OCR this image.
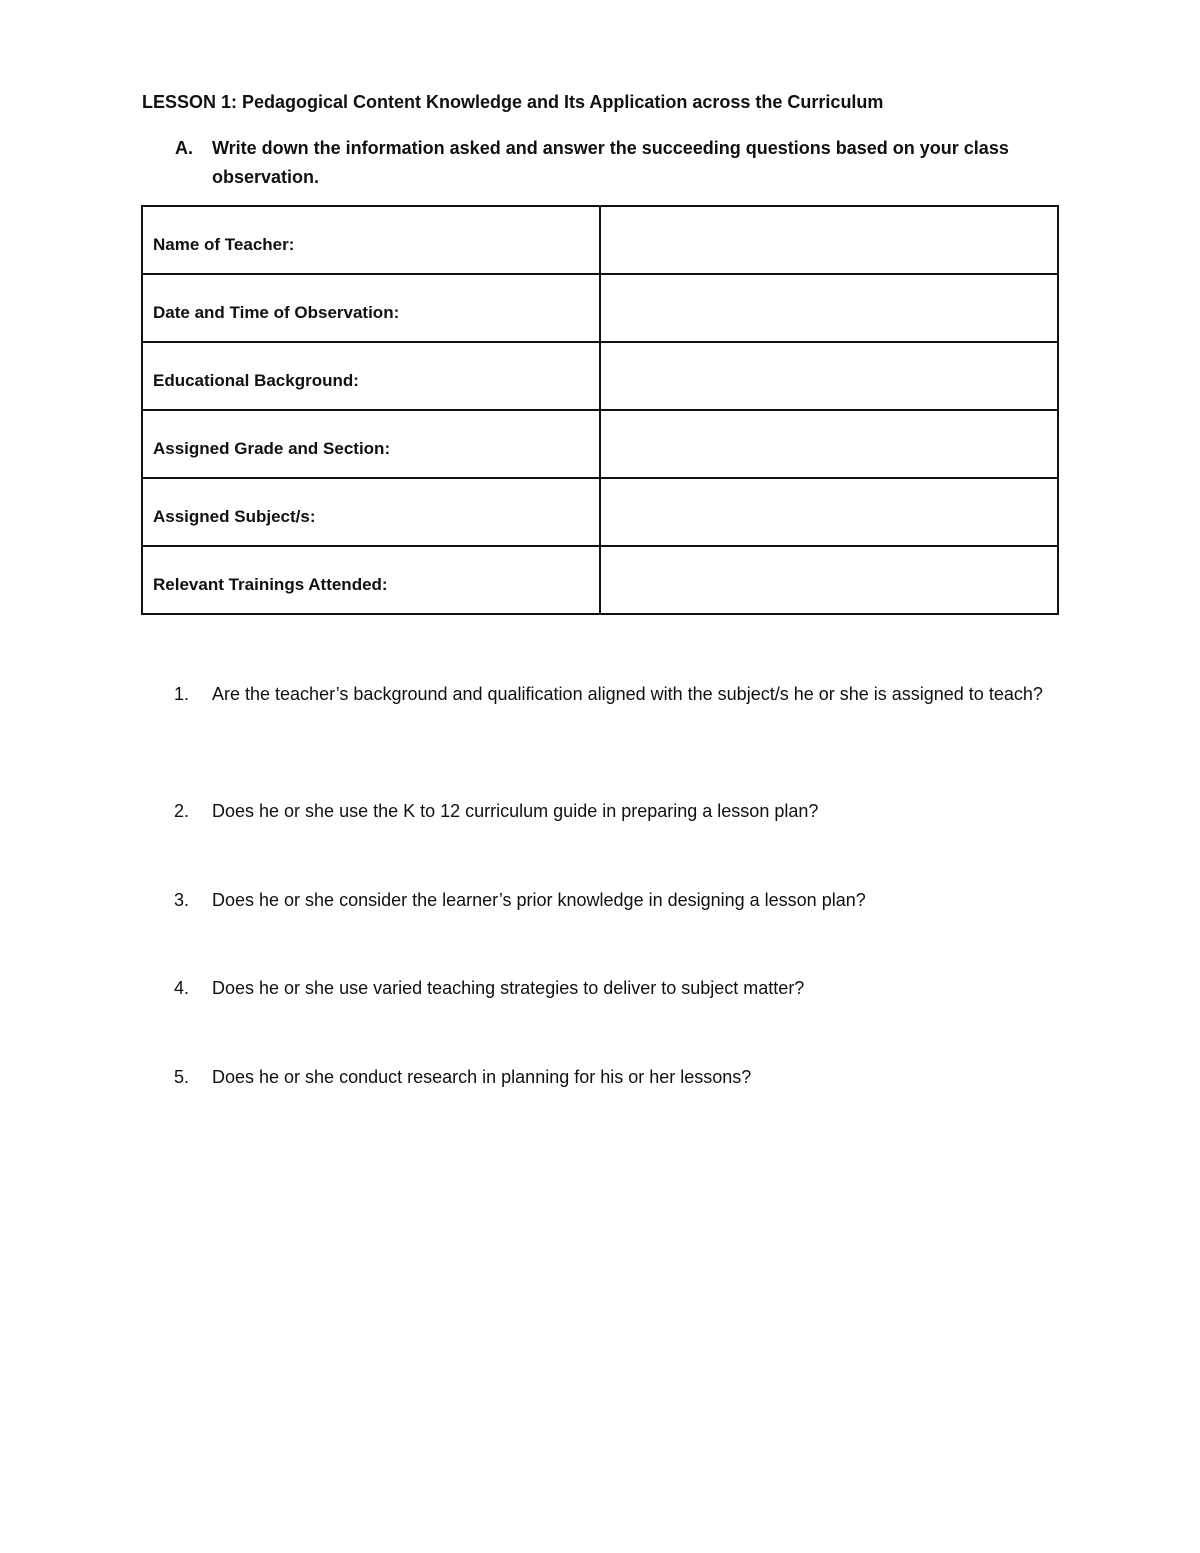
LESSON 1: Pedagogical Content Knowledge and Its Application across the Curriculum
A. Write down the information asked and answer the succeeding questions based on your class observation.
Name of Teacher:	
Date and Time of Observation:	
Educational Background:	
Assigned Grade and Section:	
Assigned Subject/s:	
Relevant Trainings Attended:	
1. Are the teacher’s background and qualification aligned with the subject/s he or she is assigned to teach?
2. Does he or she use the K to 12 curriculum guide in preparing a lesson plan?
3. Does he or she consider the learner’s prior knowledge in designing a lesson plan?
4. Does he or she use varied teaching strategies to deliver to subject matter?
5. Does he or she conduct research in planning for his or her lessons?
